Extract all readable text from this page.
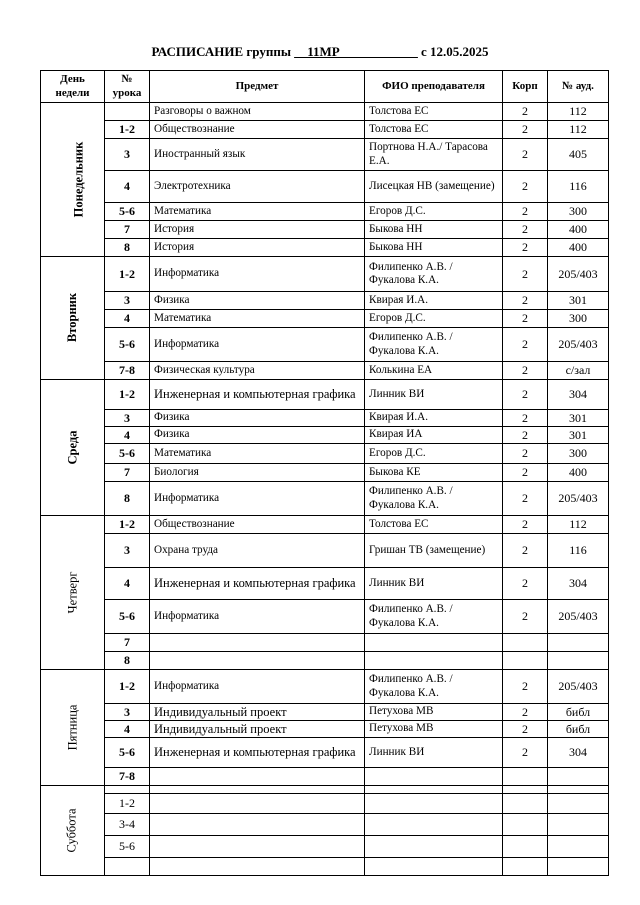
РАСПИСАНИЕ группы __11МР____________ с 12.05.2025
День недели	№ урока	Предмет	ФИО преподавателя	Корп	№ ауд.
Понедельник		Разговоры о важном	Толстова ЕС	2	112
	1-2	Обществознание	Толстова ЕС	2	112
	3	Иностранный язык	Портнова Н.А./ Тарасова Е.А.	2	405
	4	Электротехника	Лисецкая НВ (замещение)	2	116
	5-6	Математика	Егоров Д.С.	2	300
	7	История	Быкова НН	2	400
	8	История	Быкова НН	2	400
Вторник	1-2	Информатика	Филипенко А.В. / Фукалова К.А.	2	205/403
	3	Физика	Квирая И.А.	2	301
	4	Математика	Егоров Д.С.	2	300
	5-6	Информатика	Филипенко А.В. / Фукалова К.А.	2	205/403
	7-8	Физическая культура	Колькина ЕА	2	с/зал
Среда	1-2	Инженерная и компьютерная графика	Линник ВИ	2	304
	3	Физика	Квирая И.А.	2	301
	4	Физика	Квирая ИА	2	301
	5-6	Математика	Егоров Д.С.	2	300
	7	Биология	Быкова КЕ	2	400
	8	Информатика	Филипенко А.В. / Фукалова К.А.	2	205/403
Четверг	1-2	Обществознание	Толстова ЕС	2	112
	3	Охрана труда	Гришан ТВ (замещение)	2	116
	4	Инженерная и компьютерная графика	Линник ВИ	2	304
	5-6	Информатика	Филипенко А.В. / Фукалова К.А.	2	205/403
	7				
	8				
Пятница	1-2	Информатика	Филипенко А.В. / Фукалова К.А.	2	205/403
	3	Индивидуальный проект	Петухова МВ	2	библ
	4	Индивидуальный проект	Петухова МВ	2	библ
	5-6	Инженерная и компьютерная графика	Линник ВИ	2	304
	7-8				
Суббота					
	1-2				
	3-4				
	5-6				
